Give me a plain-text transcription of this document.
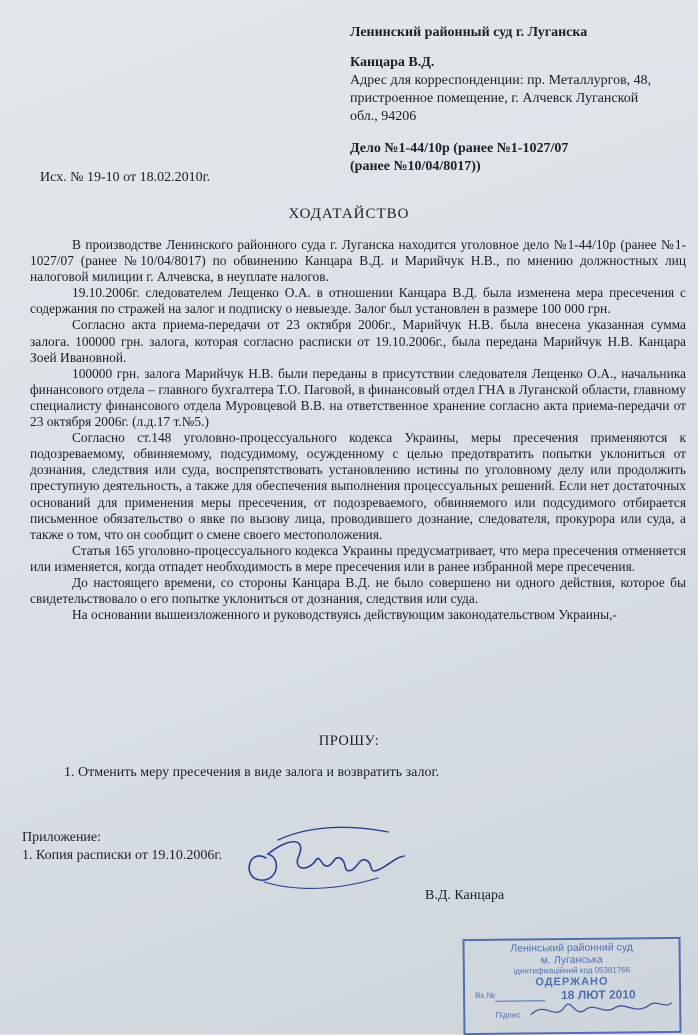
Ленинский районный суд г. Луганска
Канцара В.Д.
Адрес для корреспонденции: пр. Металлургов, 48,
пристроенное помещение, г. Алчевск Луганской
обл., 94206
Дело №1-44/10р (ранее №1-1027/07
(ранее №10/04/8017))
Исх. № 19-10 от 18.02.2010г.
ХОДАТАЙСТВО

В производстве Ленинского районного суда г. Луганска находится уголовное дело №1-44/10р (ранее №1-1027/07 (ранее №10/04/8017) по обвинению Канцара В.Д. и Марийчук Н.В., по мнению должностных лиц налоговой милиции г. Алчевска, в неуплате налогов.

19.10.2006г. следователем Лещенко О.А. в отношении Канцара В.Д. была изменена мера пресечения с содержания по стражей на залог и подписку о невыезде. Залог был установлен в размере 100 000 грн.

Согласно акта приема-передачи от 23 октября 2006г., Марийчук Н.В. была внесена указанная сумма залога. 100000 грн. залога, которая согласно расписки от 19.10.2006г., была передана Марийчук Н.В. Канцара Зоей Ивановной.

100000 грн. залога Марийчук Н.В. были переданы в присутствии следователя Лещенко О.А., начальника финансового отдела – главного бухгалтера Т.О. Паговой, в финансовый отдел ГНА в Луганской области, главному специалисту финансового отдела Муровцевой В.В. на ответственное хранение согласно акта приема-передачи от 23 октября 2006г. (л.д.17 т.№5.)

Согласно ст.148 уголовно-процессуального кодекса Украины, меры пресечения применяются к подозреваемому, обвиняемому, подсудимому, осужденному с целью предотвратить попытки уклониться от дознания, следствия или суда, воспрепятствовать установлению истины по уголовному делу или продолжить преступную деятельность, а также для обеспечения выполнения процессуальных решений. Если нет достаточных оснований для применения меры пресечения, от подозреваемого, обвиняемого или подсудимого отбирается письменное обязательство о явке по вызову лица, проводившего дознание, следователя, прокурора или суда, а также о том, что он сообщит о смене своего местоположения.

Статья 165 уголовно-процессуального кодекса Украины предусматривает, что мера пресечения отменяется или изменяется, когда отпадет необходимость в мере пресечения или в ранее избранной мере пресечения.

До настоящего времени, со стороны Канцара В.Д. не было совершено ни одного действия, которое бы свидетельствовало о его попытке уклониться от дознания, следствия или суда.

На основании вышеизложенного и руководствуясь действующим законодательством Украины,-

ПРОШУ:
1. Отменить меру пресечения в виде залога и возвратить залог.
Приложение:
1. Копия расписки от 19.10.2006г.
В.Д. Канцара
Ленінський районний суд
м. Луганська
ідентифікаційний код 05381766
ОДЕРЖАНО
18 ЛЮТ 2010
Вх.№
Підпис
